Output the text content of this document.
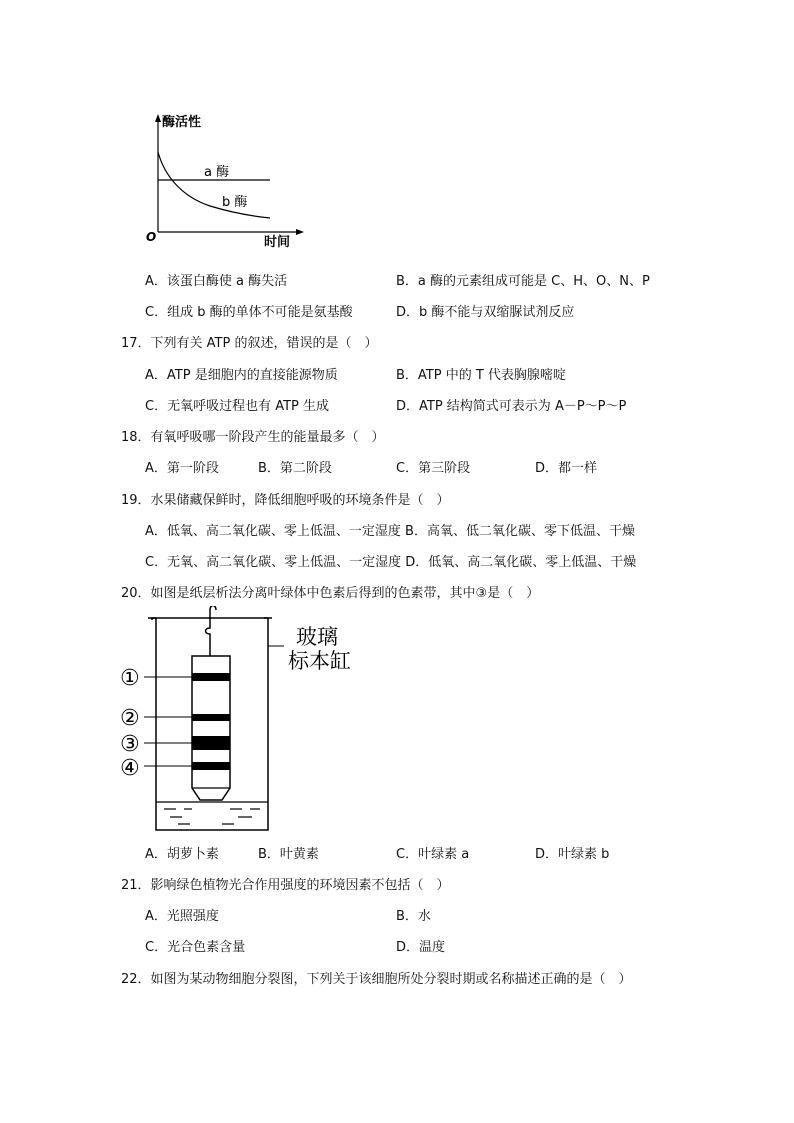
酶活性
时间
O
a 酶
b 酶
A．该蛋白酶使 a 酶失活	B．a 酶的元素组成可能是 C、H、O、N、P
C．组成 b 酶的单体不可能是氨基酸	D．b 酶不能与双缩脲试剂反应
17．下列有关 ATP 的叙述，错误的是（　）
A．ATP 是细胞内的直接能源物质	B．ATP 中的 T 代表胸腺嘧啶
C．无氧呼吸过程也有 ATP 生成	D．ATP 结构简式可表示为 A－P～P～P
18．有氧呼吸哪一阶段产生的能量最多（　）
A．第一阶段	B．第二阶段	C．第三阶段	D．都一样
19．水果储藏保鲜时，降低细胞呼吸的环境条件是（　）
A．低氧、高二氧化碳、零上低温、一定湿度 B．高氧、低二氧化碳、零下低温、干燥
C．无氧、高二氧化碳、零上低温、一定湿度 D．低氧、高二氧化碳、零上低温、干燥
20．如图是纸层析法分离叶绿体中色素后得到的色素带，其中③是（　）
①
②
③
④
玻璃
标本缸
A．胡萝卜素	B．叶黄素	C．叶绿素 a	D．叶绿素 b
21．影响绿色植物光合作用强度的环境因素不包括（　）
A．光照强度	B．水
C．光合色素含量	D．温度
22．如图为某动物细胞分裂图，下列关于该细胞所处分裂时期或名称描述正确的是（　）
